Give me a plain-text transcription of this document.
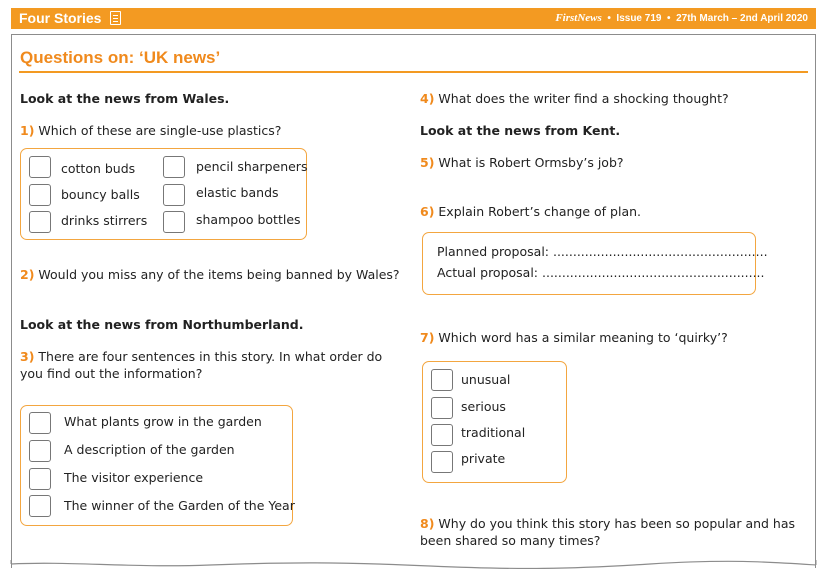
Four Stories	FirstNews  •  Issue 719  •  27th March – 2nd April 2020
Questions on: ‘UK news’
Look at the news from Wales.
1) Which of these are single-use plastics?
cotton buds
bouncy balls
drinks stirrers
pencil sharpeners
elastic bands
shampoo bottles
2) Would you miss any of the items being banned by Wales?
Look at the news from Northumberland.
3) There are four sentences in this story. In what order do
you find out the information?
What plants grow in the garden
A description of the garden
The visitor experience
The winner of the Garden of the Year
4) What does the writer find a shocking thought?
Look at the news from Kent.
5) What is Robert Ormsby’s job?
6) Explain Robert’s change of plan.
Planned proposal: ......................................................
Actual proposal: ........................................................
7) Which word has a similar meaning to ‘quirky’?
unusual
serious
traditional
private
8) Why do you think this story has been so popular and has
been shared so many times?
